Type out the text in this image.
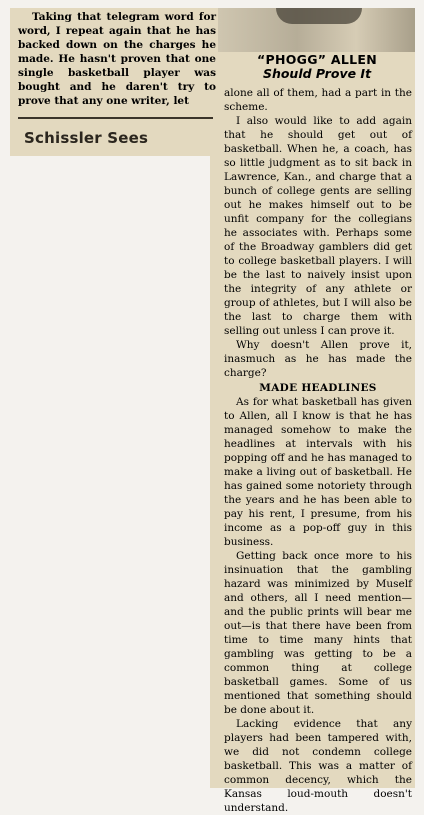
Taking that telegram word for word, I repeat again that he has backed down on the charges he made. He hasn't proven that one single basketball player was bought and he daren't try to prove that any one writer, let

Schissler Sees
“PHOGG” ALLEN
Should Prove It

alone all of them, had a part in the scheme.

I also would like to add again that he should get out of basketball. When he, a coach, has so little judgment as to sit back in Lawrence, Kan., and charge that a bunch of college gents are selling out he makes himself out to be unfit company for the collegians he associates with. Perhaps some of the Broadway gamblers did get to college basketball players. I will be the last to naively insist upon the integrity of any athlete or group of athletes, but I will also be the last to charge them with selling out unless I can prove it.

Why doesn't Allen prove it, inasmuch as he has made the charge?

MADE HEADLINES

As for what basketball has given to Allen, all I know is that he has managed somehow to make the headlines at intervals with his popping off and he has managed to make a living out of basketball. He has gained some notoriety through the years and he has been able to pay his rent, I presume, from his income as a pop-off guy in this business.

Getting back once more to his insinuation that the gambling hazard was minimized by Muself and others, all I need mention—and the public prints will bear me out—is that there have been from time to time many hints that gambling was getting to be a common thing at college basketball games. Some of us mentioned that something should be done about it.

Lacking evidence that any players had been tampered with, we did not condemn college basketball. This was a matter of common decency, which the Kansas loud-mouth doesn't understand.
